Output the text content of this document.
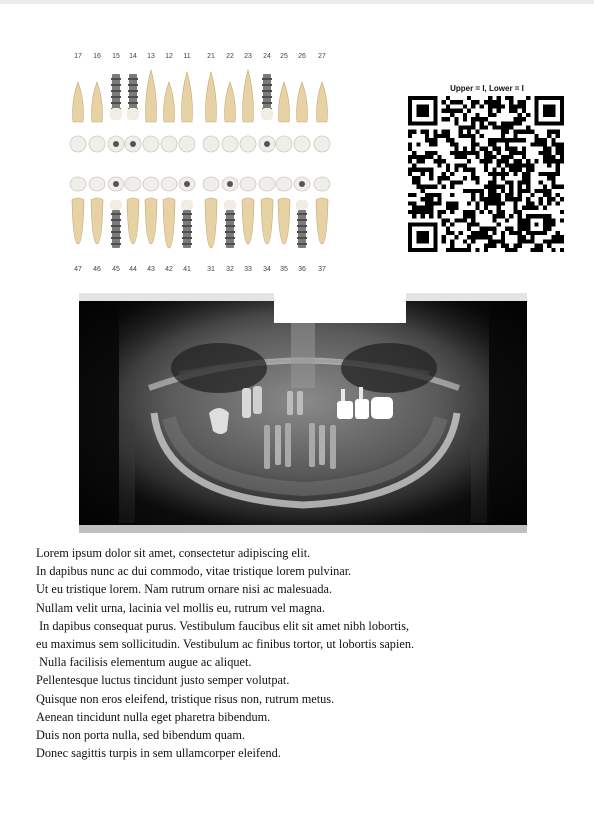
17	16	15	14	13	12	11	21	22	23	24	25	26	27
47	46	45	44	43	42	41	31	32	33	34	35	36	37
Upper = I, Lower = I
Lorem ipsum dolor sit amet, consectetur adipiscing elit.
In dapibus nunc ac dui commodo, vitae tristique lorem pulvinar.
Ut eu tristique lorem. Nam rutrum ornare nisi ac malesuada.
Nullam velit urna, lacinia vel mollis eu, rutrum vel magna.
In dapibus consequat purus. Vestibulum faucibus elit sit amet nibh lobortis,
eu maximus sem sollicitudin. Vestibulum ac finibus tortor, ut lobortis sapien.
Nulla facilisis elementum augue ac aliquet.
Pellentesque luctus tincidunt justo semper volutpat.
Quisque non eros eleifend, tristique risus non, rutrum metus.
Aenean tincidunt nulla eget pharetra bibendum.
Duis non porta nulla, sed bibendum quam.
Donec sagittis turpis in sem ullamcorper eleifend.
